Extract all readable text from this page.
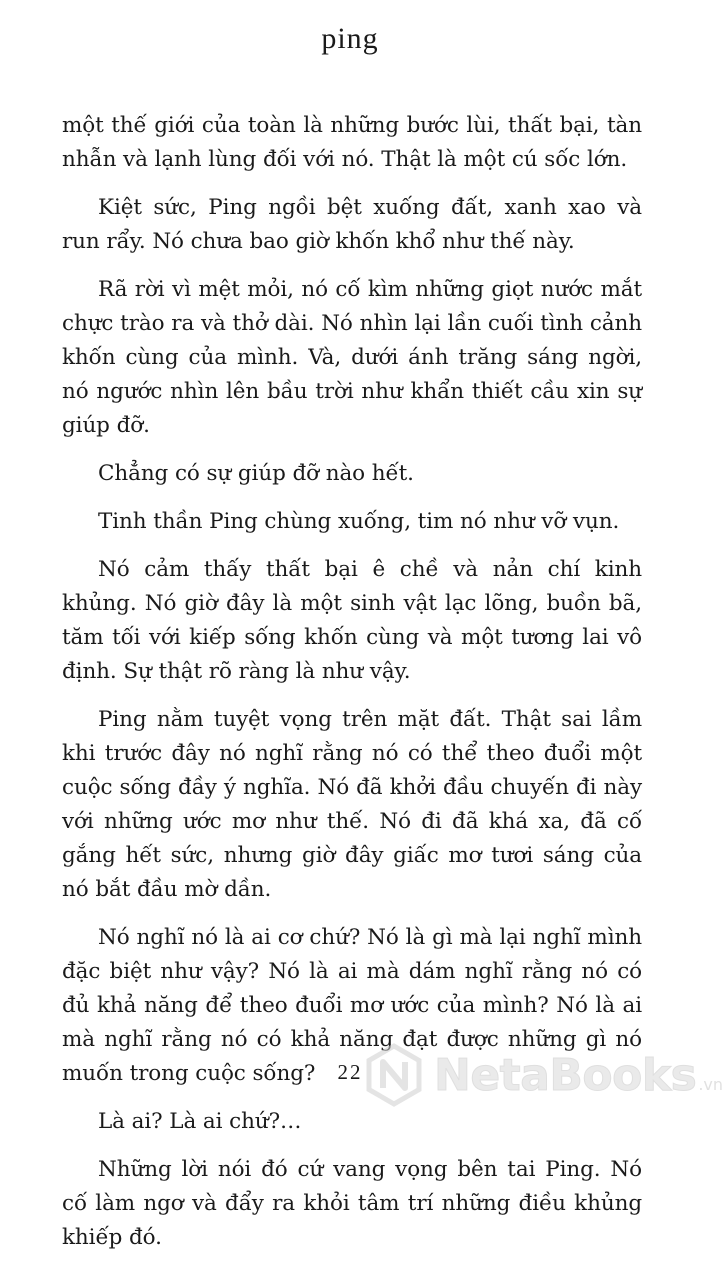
ping

một thế giới của toàn là những bước lùi, thất bại, tàn nhẫn và lạnh lùng đối với nó. Thật là một cú sốc lớn.

Kiệt sức, Ping ngồi bệt xuống đất, xanh xao và run rẩy. Nó chưa bao giờ khốn khổ như thế này.

Rã rời vì mệt mỏi, nó cố kìm những giọt nước mắt chực trào ra và thở dài. Nó nhìn lại lần cuối tình cảnh khốn cùng của mình. Và, dưới ánh trăng sáng ngời, nó ngước nhìn lên bầu trời như khẩn thiết cầu xin sự giúp đỡ.

Chẳng có sự giúp đỡ nào hết.

Tinh thần Ping chùng xuống, tim nó như vỡ vụn.

Nó cảm thấy thất bại ê chề và nản chí kinh khủng. Nó giờ đây là một sinh vật lạc lõng, buồn bã, tăm tối với kiếp sống khốn cùng và một tương lai vô định. Sự thật rõ ràng là như vậy.

Ping nằm tuyệt vọng trên mặt đất. Thật sai lầm khi trước đây nó nghĩ rằng nó có thể theo đuổi một cuộc sống đầy ý nghĩa. Nó đã khởi đầu chuyến đi này với những ước mơ như thế. Nó đi đã khá xa, đã cố gắng hết sức, nhưng giờ đây giấc mơ tươi sáng của nó bắt đầu mờ dần.

Nó nghĩ nó là ai cơ chứ? Nó là gì mà lại nghĩ mình đặc biệt như vậy? Nó là ai mà dám nghĩ rằng nó có đủ khả năng để theo đuổi mơ ước của mình? Nó là ai mà nghĩ rằng nó có khả năng đạt được những gì nó muốn trong cuộc sống?

Là ai? Là ai chứ?…

Những lời nói đó cứ vang vọng bên tai Ping. Nó cố làm ngơ và đẩy ra khỏi tâm trí những điều khủng khiếp đó.

22	NetaBooks .vn
